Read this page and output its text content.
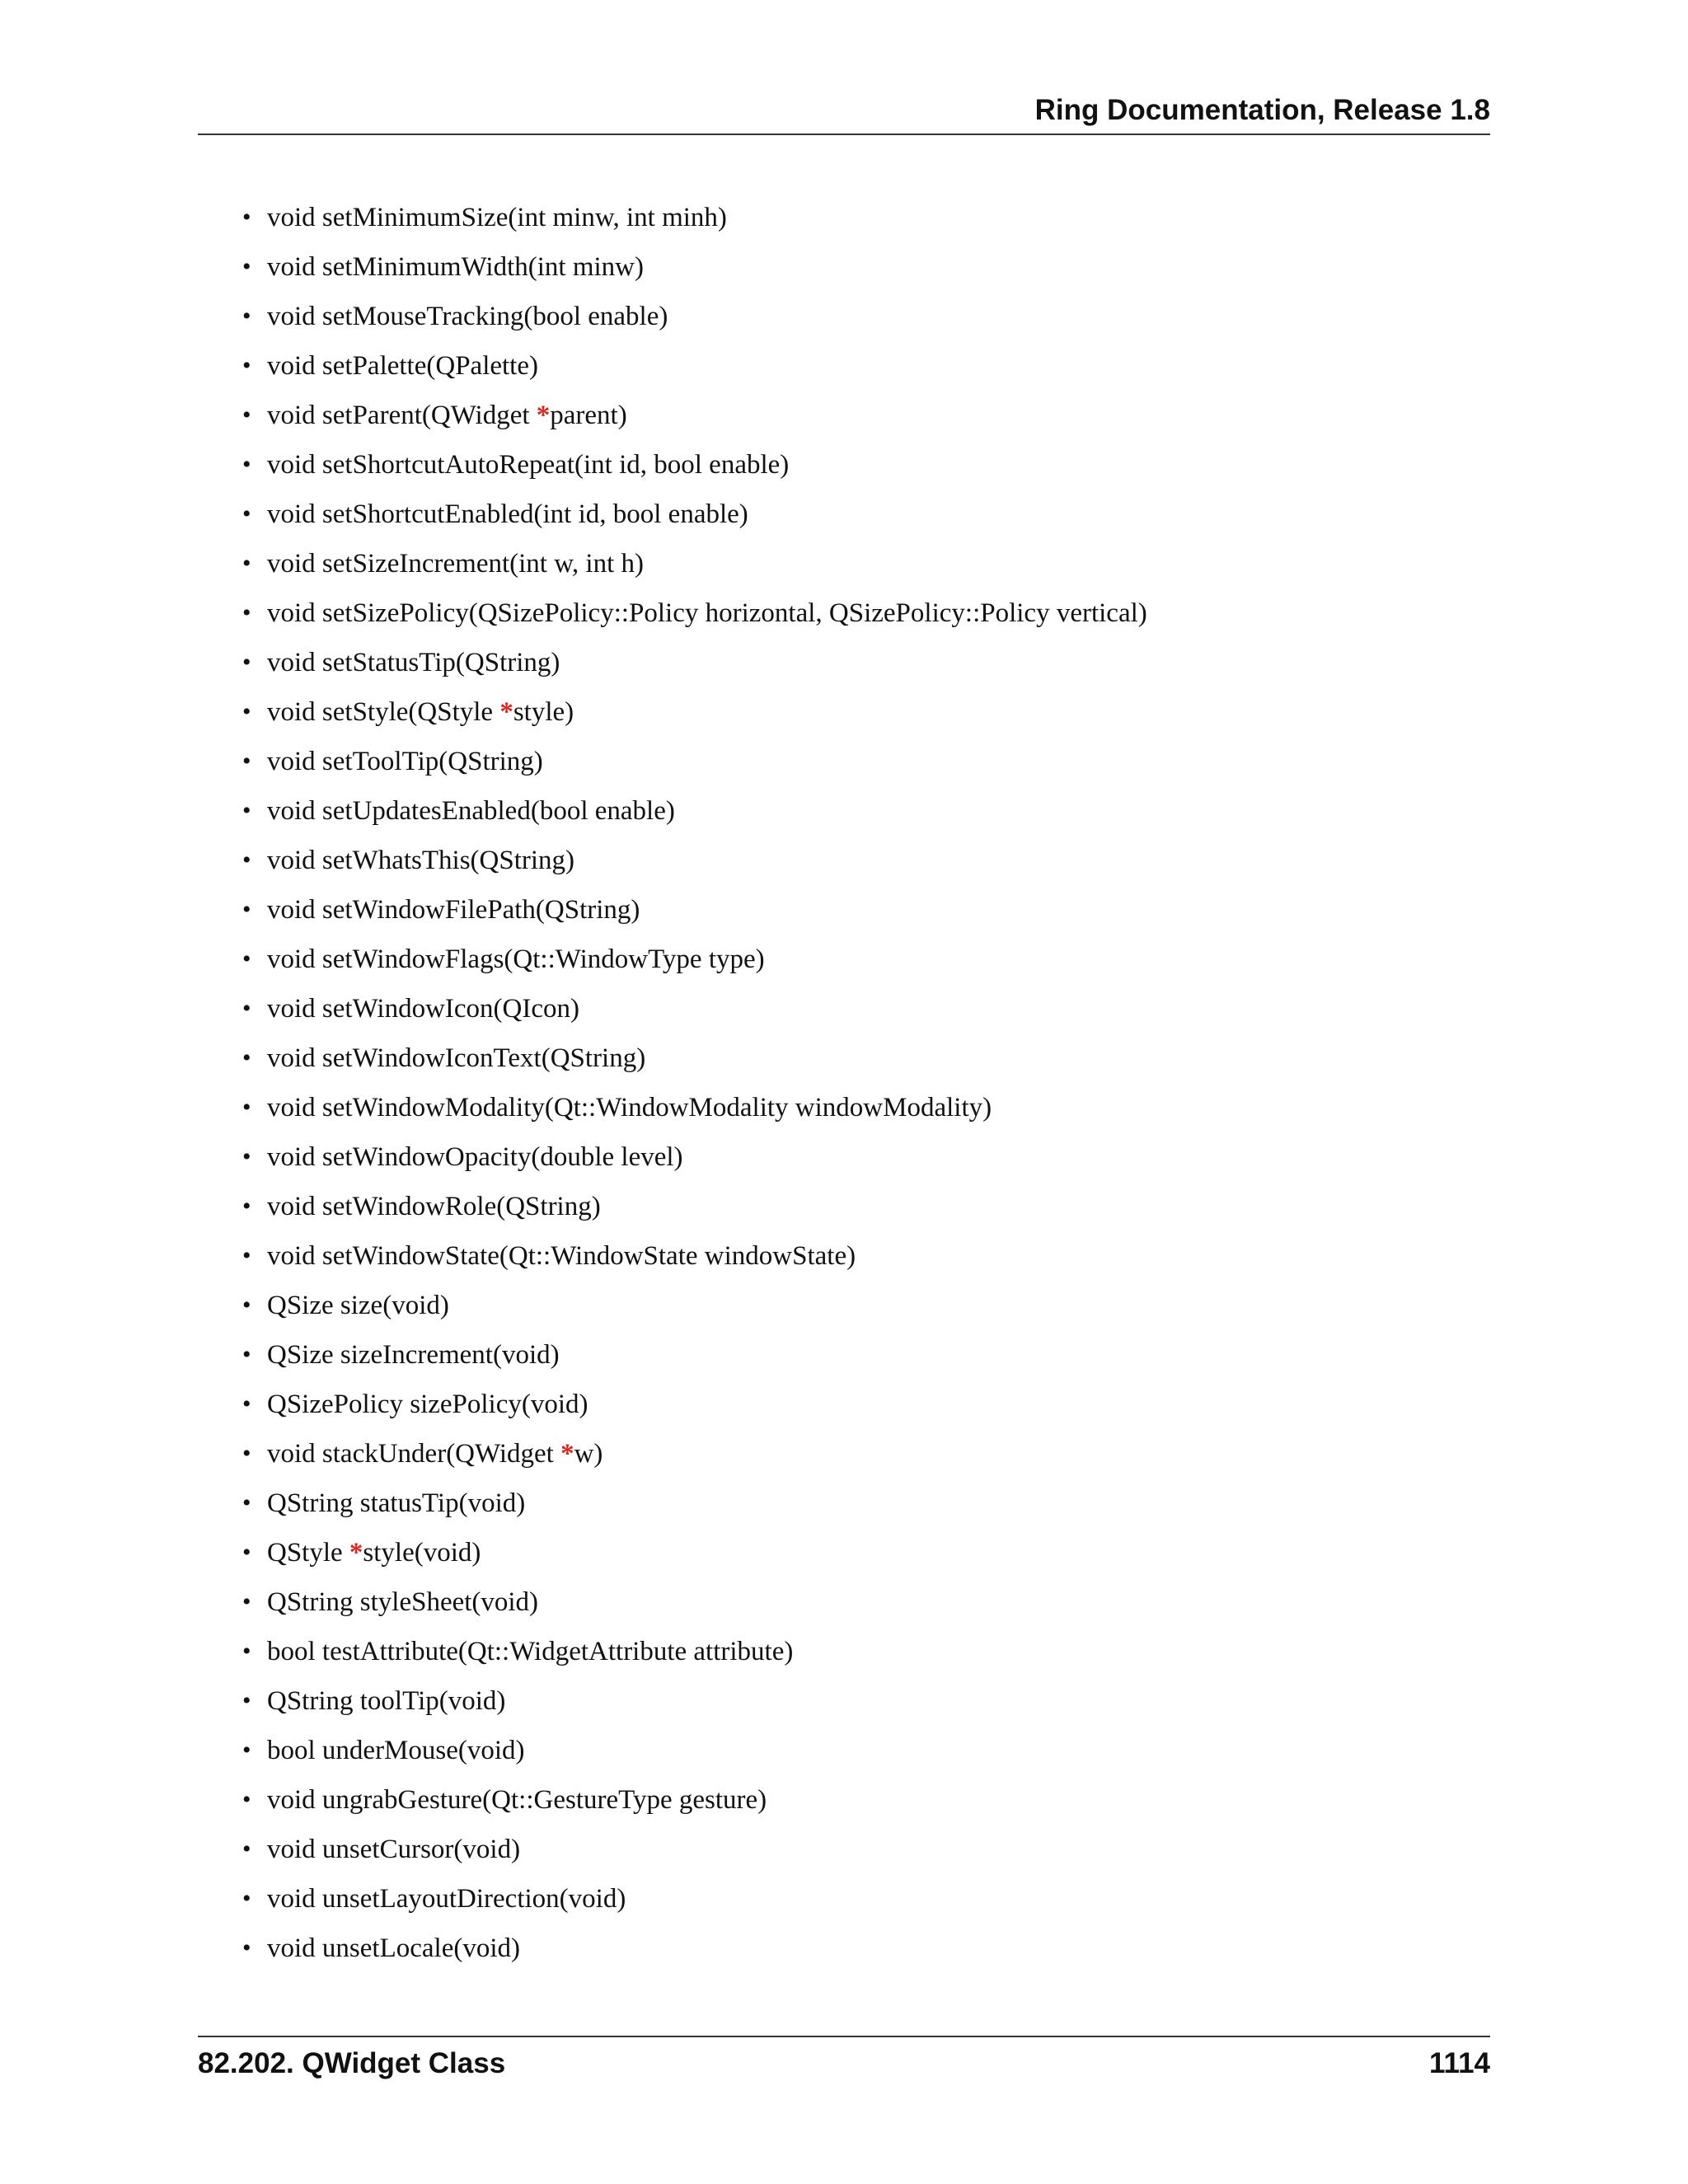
Ring Documentation, Release 1.8
• void setMinimumSize(int minw, int minh)
• void setMinimumWidth(int minw)
• void setMouseTracking(bool enable)
• void setPalette(QPalette)
• void setParent(QWidget *parent)
• void setShortcutAutoRepeat(int id, bool enable)
• void setShortcutEnabled(int id, bool enable)
• void setSizeIncrement(int w, int h)
• void setSizePolicy(QSizePolicy::Policy horizontal, QSizePolicy::Policy vertical)
• void setStatusTip(QString)
• void setStyle(QStyle *style)
• void setToolTip(QString)
• void setUpdatesEnabled(bool enable)
• void setWhatsThis(QString)
• void setWindowFilePath(QString)
• void setWindowFlags(Qt::WindowType type)
• void setWindowIcon(QIcon)
• void setWindowIconText(QString)
• void setWindowModality(Qt::WindowModality windowModality)
• void setWindowOpacity(double level)
• void setWindowRole(QString)
• void setWindowState(Qt::WindowState windowState)
• QSize size(void)
• QSize sizeIncrement(void)
• QSizePolicy sizePolicy(void)
• void stackUnder(QWidget *w)
• QString statusTip(void)
• QStyle *style(void)
• QString styleSheet(void)
• bool testAttribute(Qt::WidgetAttribute attribute)
• QString toolTip(void)
• bool underMouse(void)
• void ungrabGesture(Qt::GestureType gesture)
• void unsetCursor(void)
• void unsetLayoutDirection(void)
• void unsetLocale(void)
82.202. QWidget Class	1114
